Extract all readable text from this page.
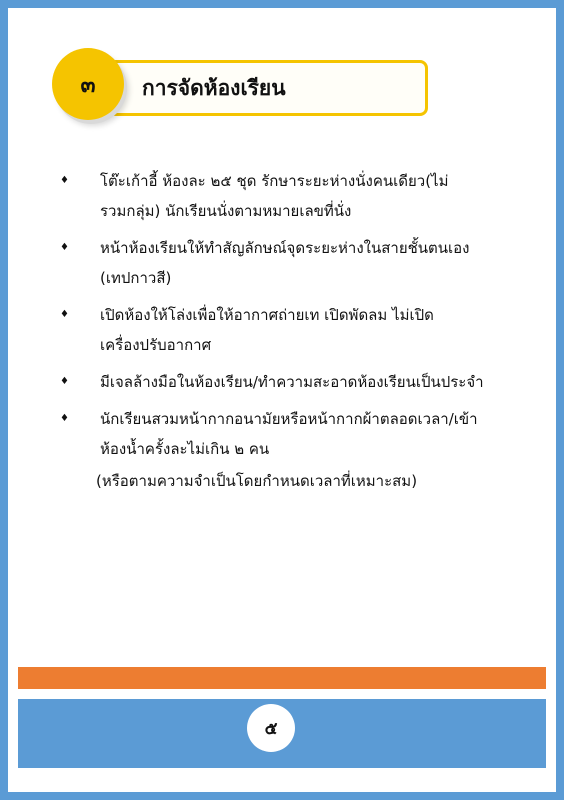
การจัดห้องเรียน
๓
♦	โต๊ะเก้าอี้ ห้องละ ๒๕ ชุด รักษาระยะห่างนั่งคนเดียว(ไม่
รวมกลุ่ม) นักเรียนนั่งตามหมายเลขที่นั่ง
♦	หน้าห้องเรียนให้ทำสัญลักษณ์จุดระยะห่างในสายชั้นตนเอง
(เทปกาวสี)
♦	เปิดห้องให้โล่งเพื่อให้อากาศถ่ายเท เปิดพัดลม ไม่เปิด
เครื่องปรับอากาศ
♦	มีเจลล้างมือในห้องเรียน/ทำความสะอาดห้องเรียนเป็นประจำ
♦	นักเรียนสวมหน้ากากอนามัยหรือหน้ากากผ้าตลอดเวลา/เข้า
ห้องน้ำครั้งละไม่เกิน ๒ คน
(หรือตามความจำเป็นโดยกำหนดเวลาที่เหมาะสม)
๕
